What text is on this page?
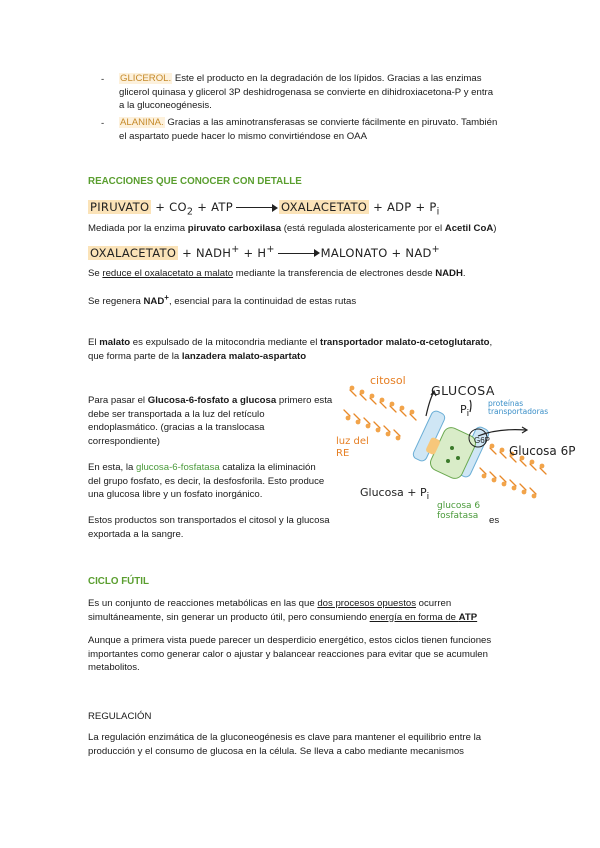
- GLICEROL. Este el producto en la degradación de los lípidos. Gracias a las enzimas
glicerol quinasa y glicerol 3P deshidrogenasa se convierte en dihidroxiacetona-P y entra
a la gluconeogénesis.
- ALANINA. Gracias a las aminotransferasas se convierte fácilmente en piruvato. También
el aspartato puede hacer lo mismo convirtiéndose en OAA
REACCIONES QUE CONOCER CON DETALLE
PIRUVATO + $CO_2$ + ATP	OXALACETATO + ADP + $P_i$
Mediada por la enzima piruvato carboxilasa (está regulada alostericamente por el Acetil CoA)
OXALACETATO + NADH+ + H+	MALONATO + NAD+
Se reduce el oxalacetato a malato mediante la transferencia de electrones desde NADH.
Se regenera NAD+, esencial para la continuidad de estas rutas
El malato es expulsado de la mitocondria mediante el transportador malato-α-cetoglutarato,
que forma parte de la lanzadera malato-aspartato
Para pasar el Glucosa-6-fosfato a glucosa primero esta
debe ser transportada a la luz del retículo
endoplasmático. (gracias a la translocasa
correspondiente)
En esta, la glucosa-6-fosfatasa cataliza la eliminación
del grupo fosfato, es decir, la desfosforila. Esto produce
una glucosa libre y un fosfato inorgánico.
Estos productos son transportados el citosol y la glucosa
exportada a la sangre.
es
citosol
GLUCOSA
$P_i$
proteínas
transportadoras
luz del
RE
G6P
Glucosa 6P
$Glucosa + P_i$
glucosa 6
fosfatasa
CICLO FÚTIL
Es un conjunto de reacciones metabólicas en las que dos procesos opuestos ocurren
simultáneamente, sin generar un producto útil, pero consumiendo energía en forma de ATP
Aunque a primera vista puede parecer un desperdicio energético, estos ciclos tienen funciones
importantes como generar calor o ajustar y balancear reacciones para evitar que se acumulen
metabolitos.
REGULACIÓN
La regulación enzimática de la gluconeogénesis es clave para mantener el equilibrio entre la
producción y el consumo de glucosa en la célula. Se lleva a cabo mediante mecanismos
